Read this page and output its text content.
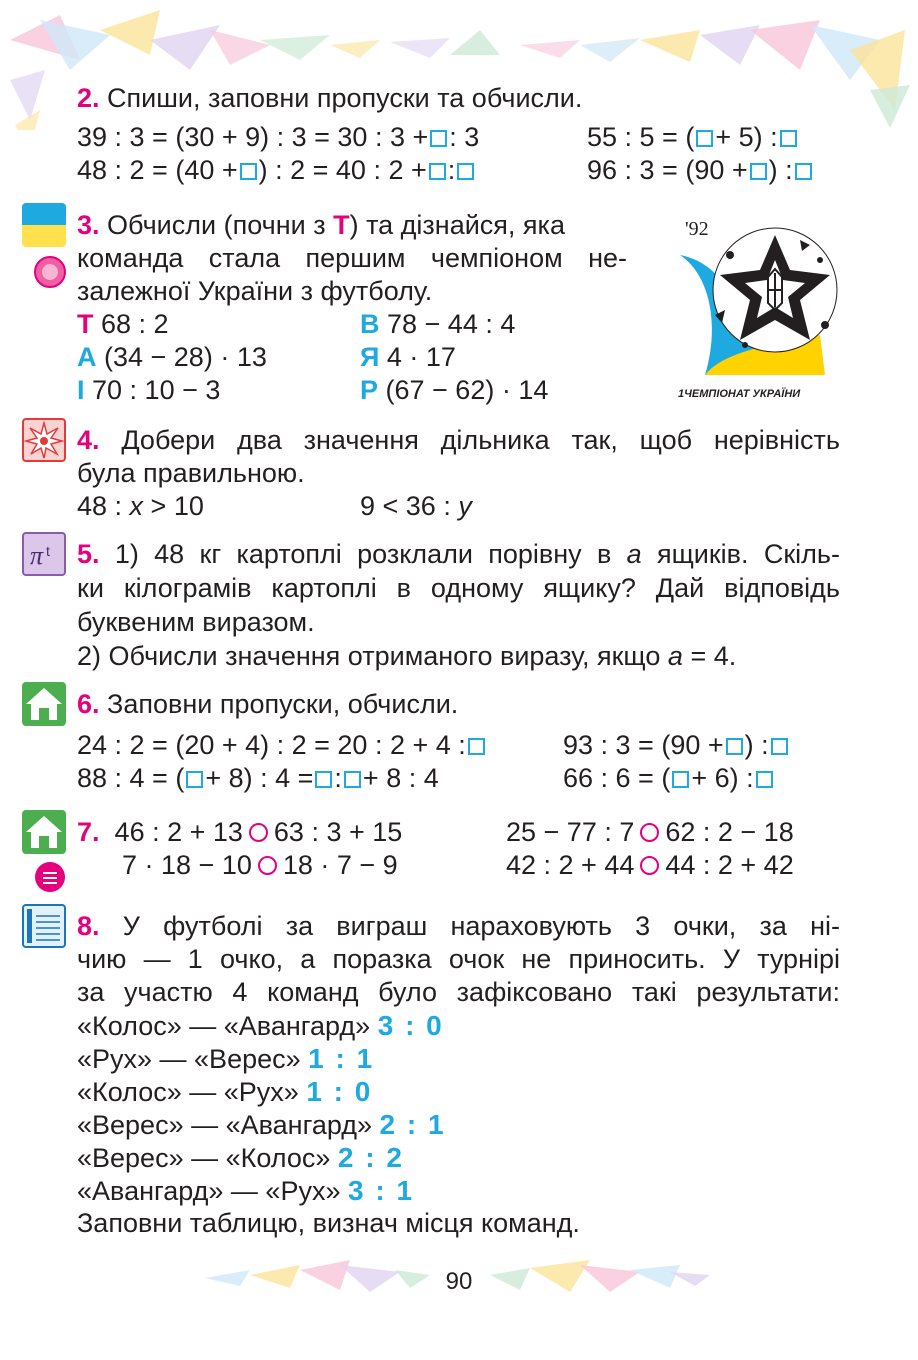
2. Спиши, заповни пропуски та обчисли.
39 : 3 = (30 + 9) : 3 = 30 : 3 + : 3	55 : 5 = ( + 5) :
48 : 2 = (40 + ) : 2 = 40 : 2 + :	96 : 3 = (90 + ) :
3. Обчисли (почни з Т) та дізнайся, яка
команда стала першим чемпіоном не-
залежної України з футболу.
Т 68 : 2	В 78 − 44 : 4
А (34 − 28) · 13	Я 4 · 17
І 70 : 10 − 3	Р (67 − 62) · 14
'92
1ЧЕМПІОНАТ УКРАЇНИ
4. Добери два значення дільника так, щоб нерівність
була правильною.
48 : x > 10	9 < 36 : y
π t 5. 1) 48 кг картоплі розклали порівну в а ящиків. Скіль-
ки кілограмів картоплі в одному ящику? Дай відповідь
буквеним виразом.
2) Обчисли значення отриманого виразу, якщо а = 4.
6. Заповни пропуски, обчисли.
24 : 2 = (20 + 4) : 2 = 20 : 2 + 4 :	93 : 3 = (90 + ) :
88 : 4 = ( + 8) : 4 = : + 8 : 4	66 : 6 = ( + 6) :
7. 46 : 2 + 13 63 : 3 + 15	25 − 77 : 7 62 : 2 − 18
7 · 18 − 10 18 · 7 − 9	42 : 2 + 44 44 : 2 + 42
8. У футболі за виграш нараховують 3 очки, за ні-
чию — 1 очко, а поразка очок не приносить. У турнірі
за участю 4 команд було зафіксовано такі результати:
«Колос» — «Авангард» 3 : 0
«Рух» — «Верес» 1 : 1
«Колос» — «Рух» 1 : 0
«Верес» — «Авангард» 2 : 1
«Верес» — «Колос» 2 : 2
«Авангард» — «Рух» 3 : 1
Заповни таблицю, визнач місця команд.
90
